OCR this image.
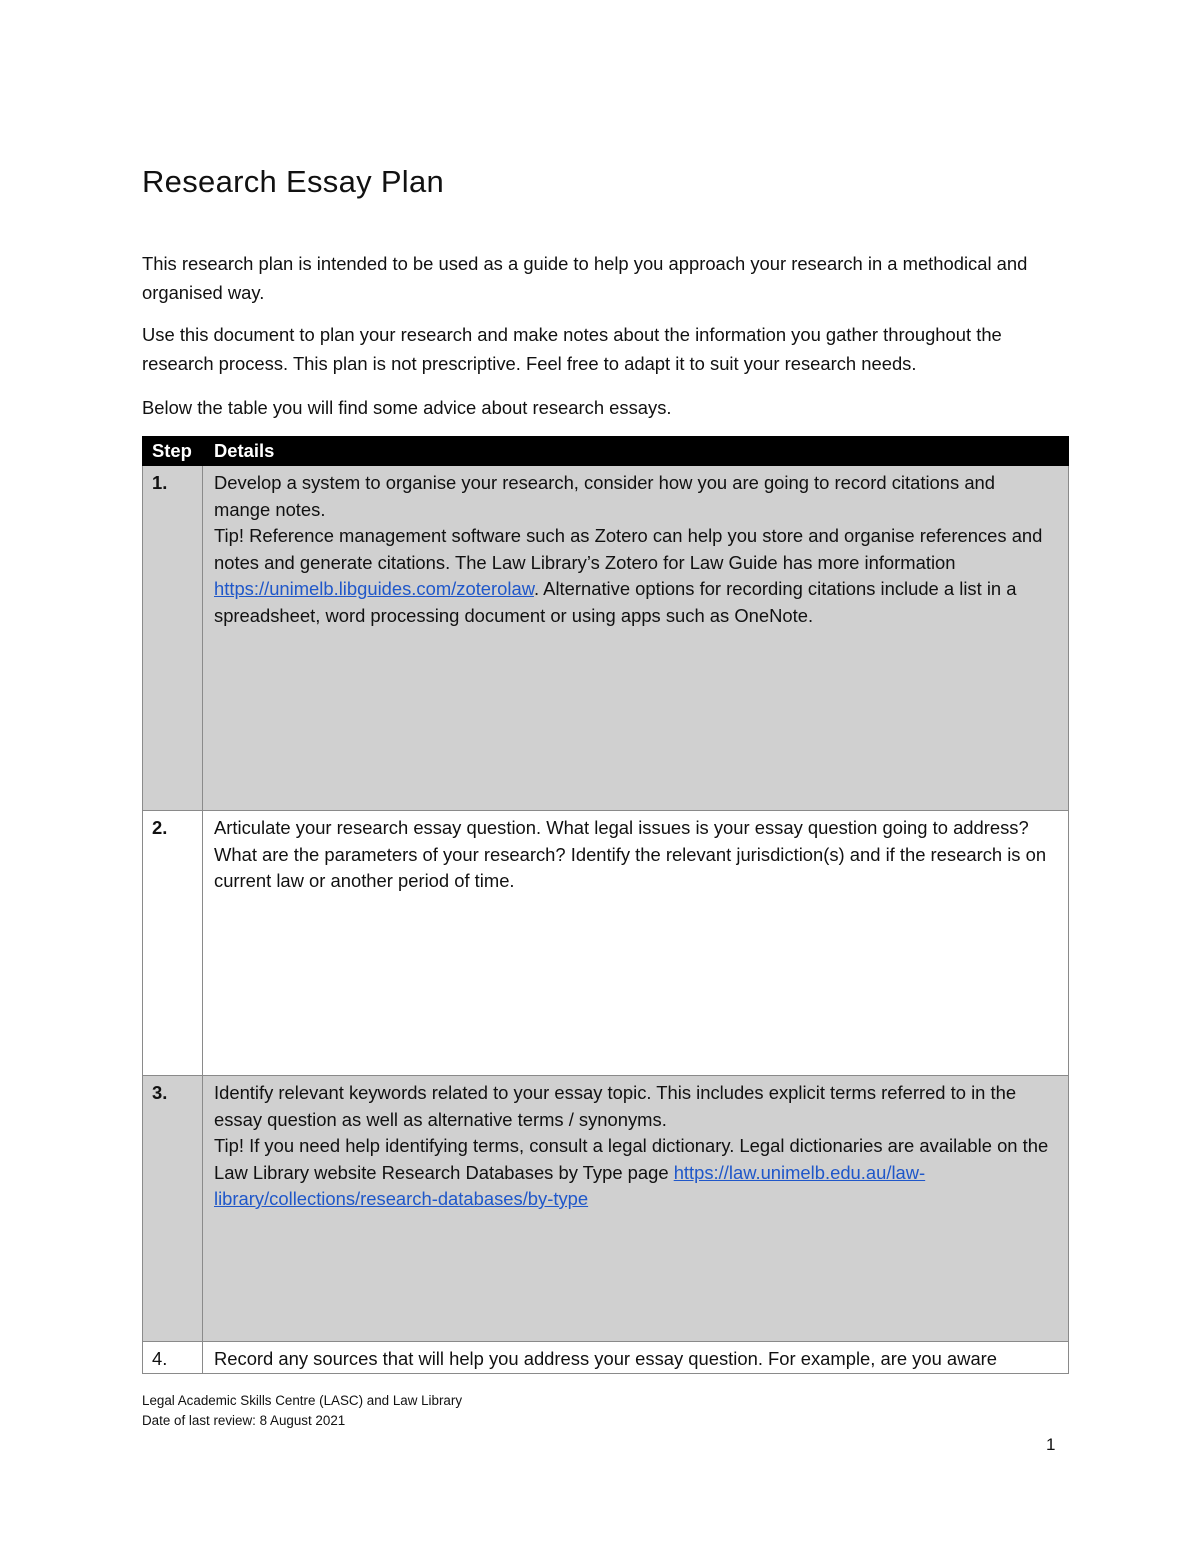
Research Essay Plan

This research plan is intended to be used as a guide to help you approach your research in a methodical and organised way.

Use this document to plan your research and make notes about the information you gather throughout the research process. This plan is not prescriptive. Feel free to adapt it to suit your research needs.

Below the table you will find some advice about research essays.

Step	Details
1.	Develop a system to organise your research, consider how you are going to record citations and mange notes.
Tip! Reference management software such as Zotero can help you store and organise references and notes and generate citations. The Law Library’s Zotero for Law Guide has more information https://unimelb.libguides.com/zoterolaw. Alternative options for recording citations include a list in a spreadsheet, word processing document or using apps such as OneNote.

2.	Articulate your research essay question. What legal issues is your essay question going to address? What are the parameters of your research? Identify the relevant jurisdiction(s) and if the research is on current law or another period of time.

3.	Identify relevant keywords related to your essay topic. This includes explicit terms referred to in the essay question as well as alternative terms / synonyms.
Tip! If you need help identifying terms, consult a legal dictionary. Legal dictionaries are available on the Law Library website Research Databases by Type page https://law.unimelb.edu.au/law-library/collections/research-databases/by-type

4.	Record any sources that will help you address your essay question. For example, are you aware
Legal Academic Skills Centre (LASC) and Law Library
Date of last review: 8 August 2021
1
